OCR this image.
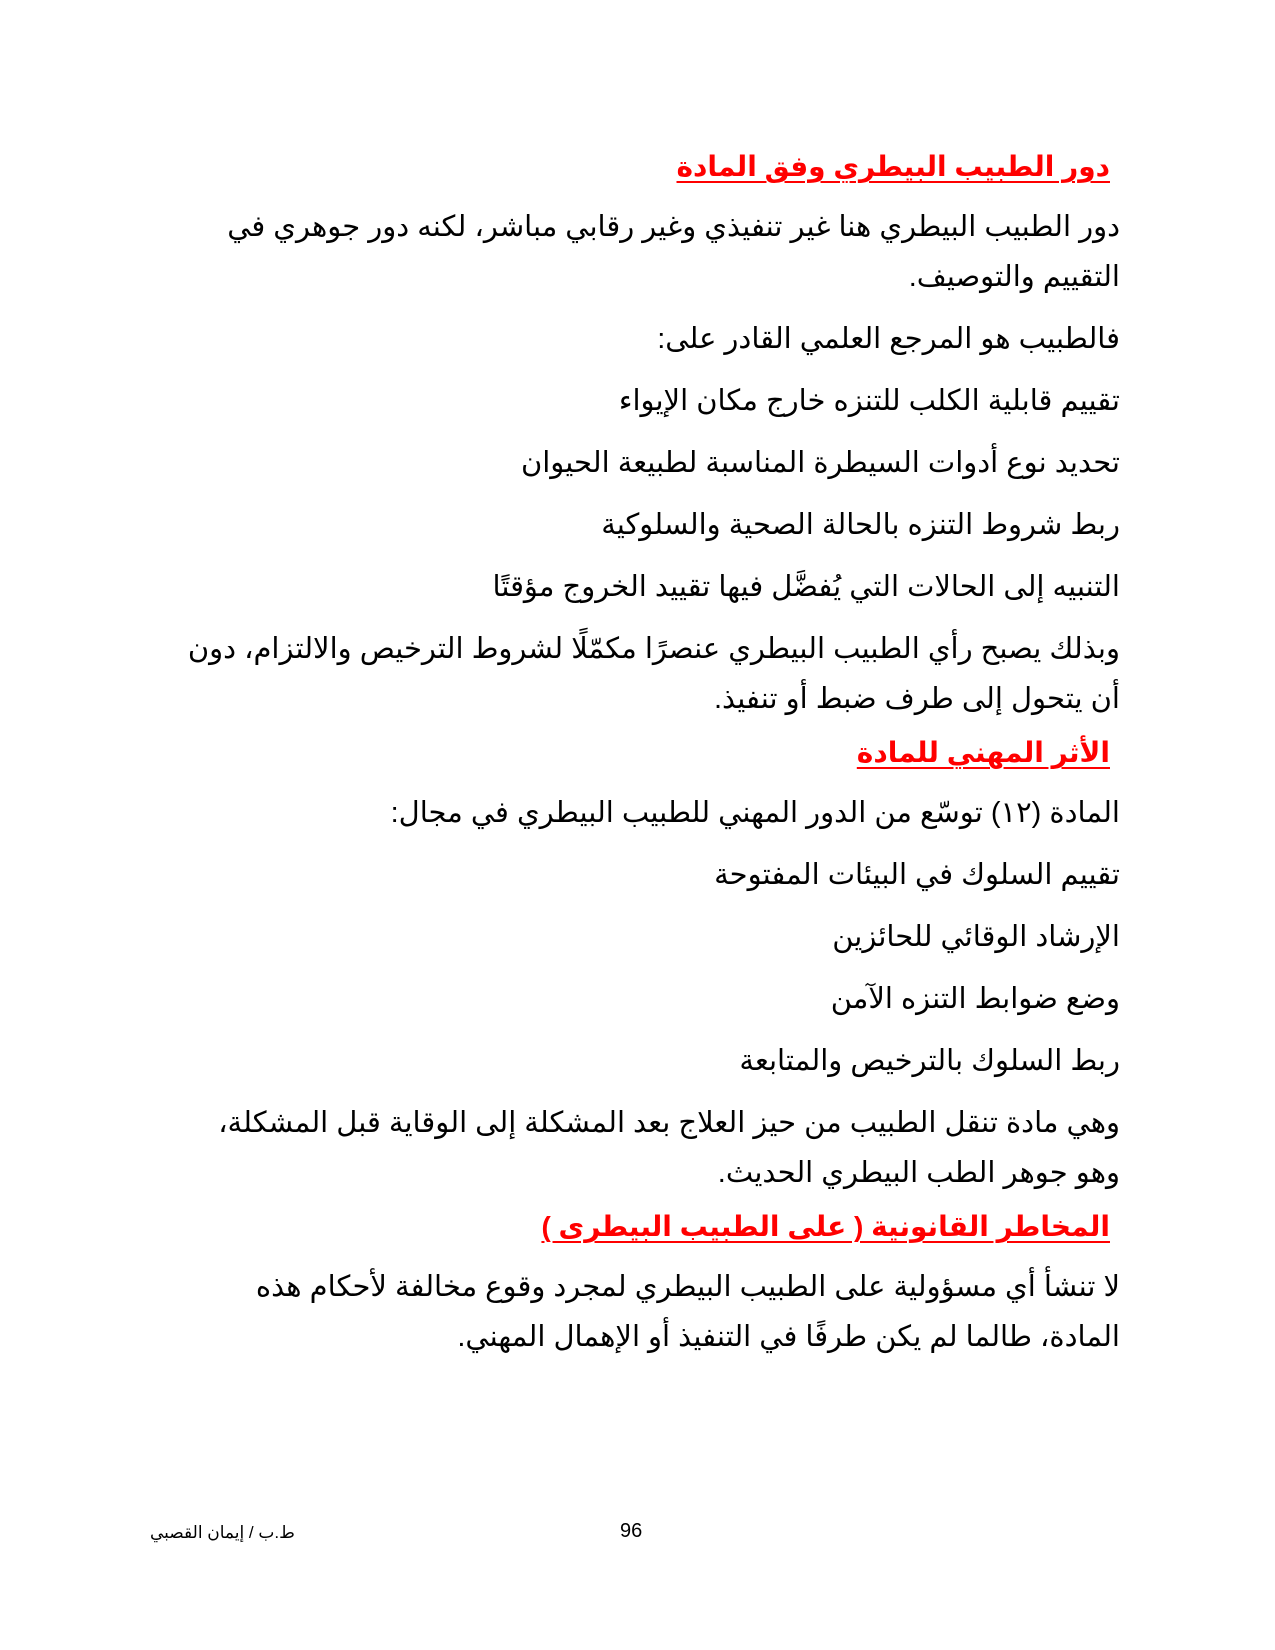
دور الطبيب البيطري وفق المادة

دور الطبيب البيطري هنا غير تنفيذي وغير رقابي مباشر، لكنه دور جوهري في التقييم والتوصيف.

فالطبيب هو المرجع العلمي القادر على:

تقييم قابلية الكلب للتنزه خارج مكان الإيواء

تحديد نوع أدوات السيطرة المناسبة لطبيعة الحيوان

ربط شروط التنزه بالحالة الصحية والسلوكية

التنبيه إلى الحالات التي يُفضَّل فيها تقييد الخروج مؤقتًا

وبذلك يصبح رأي الطبيب البيطري عنصرًا مكمّلًا لشروط الترخيص والالتزام، دون أن يتحول إلى طرف ضبط أو تنفيذ.

الأثر المهني للمادة

المادة (١٢) توسّع من الدور المهني للطبيب البيطري في مجال:

تقييم السلوك في البيئات المفتوحة

الإرشاد الوقائي للحائزين

وضع ضوابط التنزه الآمن

ربط السلوك بالترخيص والمتابعة

وهي مادة تنقل الطبيب من حيز العلاج بعد المشكلة إلى الوقاية قبل المشكلة، وهو جوهر الطب البيطري الحديث.

المخاطر القانونية ( على الطبيب البيطرى )

لا تنشأ أي مسؤولية على الطبيب البيطري لمجرد وقوع مخالفة لأحكام هذه المادة، طالما لم يكن طرفًا في التنفيذ أو الإهمال المهني.

96
ط.ب / إيمان القصبي
